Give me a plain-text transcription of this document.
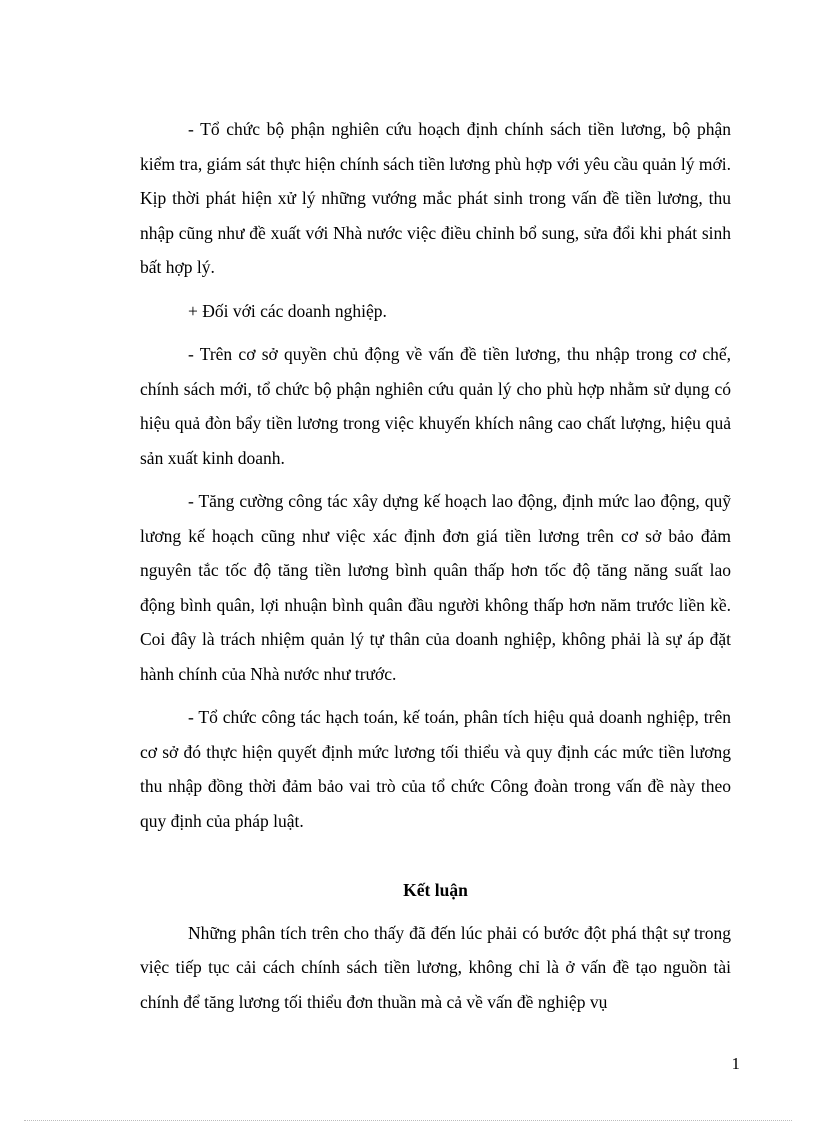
- Tổ chức bộ phận nghiên cứu hoạch định chính sách tiền lương, bộ phận kiểm tra, giám sát thực hiện chính sách tiền lương phù hợp với yêu cầu quản lý mới. Kịp thời phát hiện xử lý những vướng mắc phát sinh trong vấn đề tiền lương, thu nhập cũng như đề xuất với Nhà nước việc điều chỉnh bổ sung, sửa đổi khi phát sinh bất hợp lý.

+ Đối với các doanh nghiệp.

- Trên cơ sở quyền chủ động về vấn đề tiền lương, thu nhập trong cơ chế, chính sách mới, tổ chức bộ phận nghiên cứu quản lý cho phù hợp nhằm sử dụng có hiệu quả đòn bẩy tiền lương trong việc khuyến khích nâng cao chất lượng, hiệu quả sản xuất kinh doanh.

- Tăng cường công tác xây dựng kế hoạch lao động, định mức lao động, quỹ lương kế hoạch cũng như việc xác định đơn giá tiền lương trên cơ sở bảo đảm nguyên tắc tốc độ tăng tiền lương bình quân thấp hơn tốc độ tăng năng suất lao động bình quân, lợi nhuận bình quân đầu người không thấp hơn năm trước liền kề. Coi đây là trách nhiệm quản lý tự thân của doanh nghiệp, không phải là sự áp đặt hành chính của Nhà nước như trước.

- Tổ chức công tác hạch toán, kế toán, phân tích hiệu quả doanh nghiệp, trên cơ sở đó thực hiện quyết định mức lương tối thiểu và quy định các mức tiền lương thu nhập đồng thời đảm bảo vai trò của tổ chức Công đoàn trong vấn đề này theo quy định của pháp luật.

Kết luận

Những phân tích trên cho thấy đã đến lúc phải có bước đột phá thật sự trong việc tiếp tục cải cách chính sách tiền lương, không chỉ là ở vấn đề tạo nguồn tài chính để tăng lương tối thiểu đơn thuần mà cả về vấn đề nghiệp vụ

1
